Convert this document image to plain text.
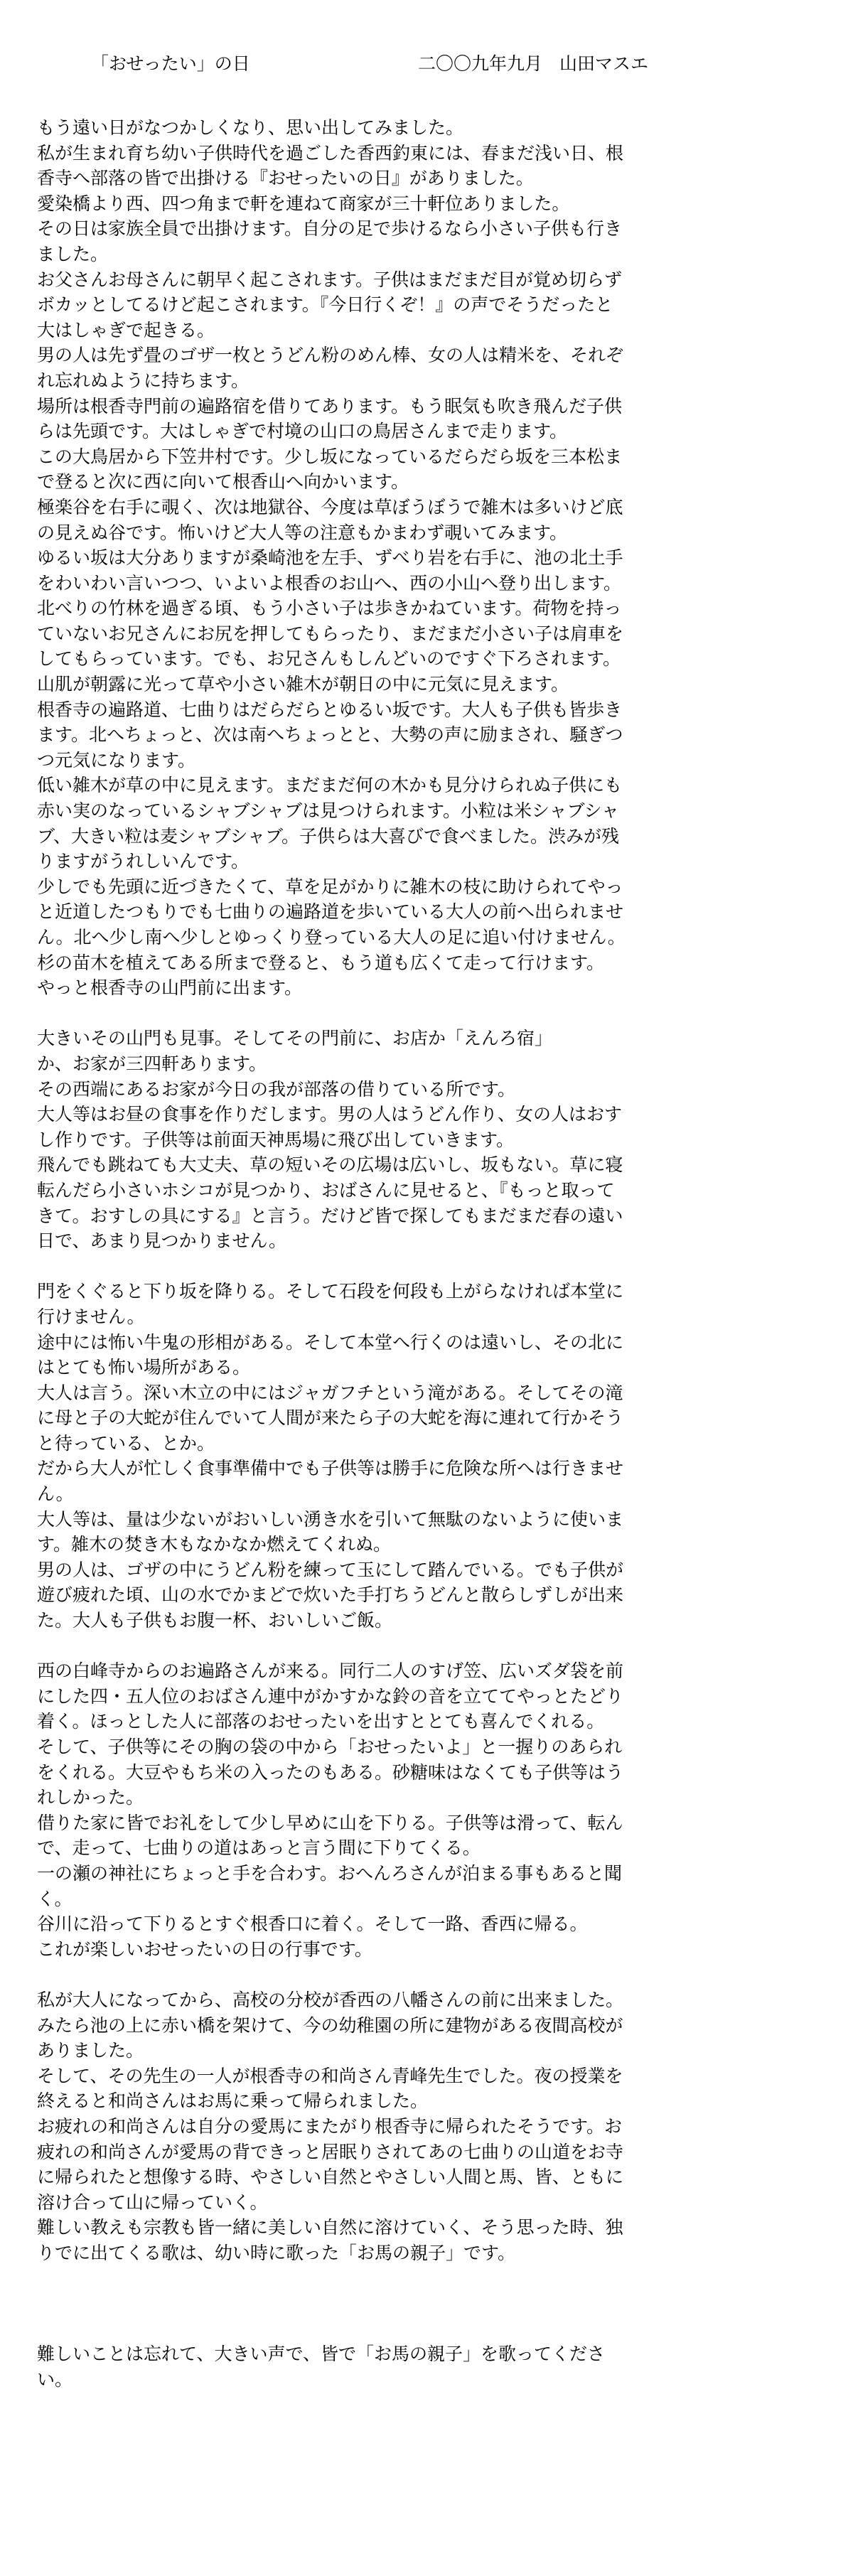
「おせったい」の日	二〇〇九年九月 山田マスエ

もう遠い日がなつかしくなり、思い出してみました。

私が生まれ育ち幼い子供時代を過ごした香西釣東には、春まだ浅い日、根

香寺へ部落の皆で出掛ける『おせったいの日』がありました。

愛染橋より西、四つ角まで軒を連ねて商家が三十軒位ありました。

その日は家族全員で出掛けます。自分の足で歩けるなら小さい子供も行き

ました。

お父さんお母さんに朝早く起こされます。子供はまだまだ目が覚め切らず

ボカッとしてるけど起こされます。『今日行くぞ！』の声でそうだったと

大はしゃぎで起きる。

男の人は先ず畳のゴザ一枚とうどん粉のめん棒、女の人は精米を、それぞ

れ忘れぬように持ちます。

場所は根香寺門前の遍路宿を借りてあります。もう眠気も吹き飛んだ子供

らは先頭です。大はしゃぎで村境の山口の鳥居さんまで走ります。

この大鳥居から下笠井村です。少し坂になっているだらだら坂を三本松ま

で登ると次に西に向いて根香山へ向かいます。

極楽谷を右手に覗く、次は地獄谷、今度は草ぼうぼうで雑木は多いけど底

の見えぬ谷です。怖いけど大人等の注意もかまわず覗いてみます。

ゆるい坂は大分ありますが桑崎池を左手、ずべり岩を右手に、池の北土手

をわいわい言いつつ、いよいよ根香のお山へ、西の小山へ登り出します。

北べりの竹林を過ぎる頃、もう小さい子は歩きかねています。荷物を持っ

ていないお兄さんにお尻を押してもらったり、まだまだ小さい子は肩車を

してもらっています。でも、お兄さんもしんどいのですぐ下ろされます。

山肌が朝露に光って草や小さい雑木が朝日の中に元気に見えます。

根香寺の遍路道、七曲りはだらだらとゆるい坂です。大人も子供も皆歩き

ます。北へちょっと、次は南へちょっとと、大勢の声に励まされ、騒ぎつ

つ元気になります。

低い雑木が草の中に見えます。まだまだ何の木かも見分けられぬ子供にも

赤い実のなっているシャブシャブは見つけられます。小粒は米シャブシャ

ブ、大きい粒は麦シャブシャブ。子供らは大喜びで食べました。渋みが残

りますがうれしいんです。

少しでも先頭に近づきたくて、草を足がかりに雑木の枝に助けられてやっ

と近道したつもりでも七曲りの遍路道を歩いている大人の前へ出られませ

ん。北へ少し南へ少しとゆっくり登っている大人の足に追い付けません。

杉の苗木を植えてある所まで登ると、もう道も広くて走って行けます。

やっと根香寺の山門前に出ます。

大きいその山門も見事。そしてその門前に、お店か「えんろ宿」

か、お家が三四軒あります。

その西端にあるお家が今日の我が部落の借りている所です。

大人等はお昼の食事を作りだします。男の人はうどん作り、女の人はおす

し作りです。子供等は前面天神馬場に飛び出していきます。

飛んでも跳ねても大丈夫、草の短いその広場は広いし、坂もない。草に寝

転んだら小さいホシコが見つかり、おばさんに見せると、『もっと取って

きて。おすしの具にする』と言う。だけど皆で探してもまだまだ春の遠い

日で、あまり見つかりません。

門をくぐると下り坂を降りる。そして石段を何段も上がらなければ本堂に

行けません。

途中には怖い牛鬼の形相がある。そして本堂へ行くのは遠いし、その北に

はとても怖い場所がある。

大人は言う。深い木立の中にはジャガフチという滝がある。そしてその滝

に母と子の大蛇が住んでいて人間が来たら子の大蛇を海に連れて行かそう

と待っている、とか。

だから大人が忙しく食事準備中でも子供等は勝手に危険な所へは行きませ

ん。

大人等は、量は少ないがおいしい湧き水を引いて無駄のないように使いま

す。雑木の焚き木もなかなか燃えてくれぬ。

男の人は、ゴザの中にうどん粉を練って玉にして踏んでいる。でも子供が

遊び疲れた頃、山の水でかまどで炊いた手打ちうどんと散らしずしが出来

た。大人も子供もお腹一杯、おいしいご飯。

西の白峰寺からのお遍路さんが来る。同行二人のすげ笠、広いズダ袋を前

にした四・五人位のおばさん連中がかすかな鈴の音を立ててやっとたどり

着く。ほっとした人に部落のおせったいを出すととても喜んでくれる。

そして、子供等にその胸の袋の中から「おせったいよ」と一握りのあられ

をくれる。大豆やもち米の入ったのもある。砂糖味はなくても子供等はう

れしかった。

借りた家に皆でお礼をして少し早めに山を下りる。子供等は滑って、転ん

で、走って、七曲りの道はあっと言う間に下りてくる。

一の瀬の神社にちょっと手を合わす。おへんろさんが泊まる事もあると聞

く。

谷川に沿って下りるとすぐ根香口に着く。そして一路、香西に帰る。

これが楽しいおせったいの日の行事です。

私が大人になってから、高校の分校が香西の八幡さんの前に出来ました。

みたら池の上に赤い橋を架けて、今の幼稚園の所に建物がある夜間高校が

ありました。

そして、その先生の一人が根香寺の和尚さん青峰先生でした。夜の授業を

終えると和尚さんはお馬に乗って帰られました。

お疲れの和尚さんは自分の愛馬にまたがり根香寺に帰られたそうです。お

疲れの和尚さんが愛馬の背できっと居眠りされてあの七曲りの山道をお寺

に帰られたと想像する時、やさしい自然とやさしい人間と馬、皆、ともに

溶け合って山に帰っていく。

難しい教えも宗教も皆一緒に美しい自然に溶けていく、そう思った時、独

りでに出てくる歌は、幼い時に歌った「お馬の親子」です。

難しいことは忘れて、大きい声で、皆で「お馬の親子」を歌ってくださ

い。
